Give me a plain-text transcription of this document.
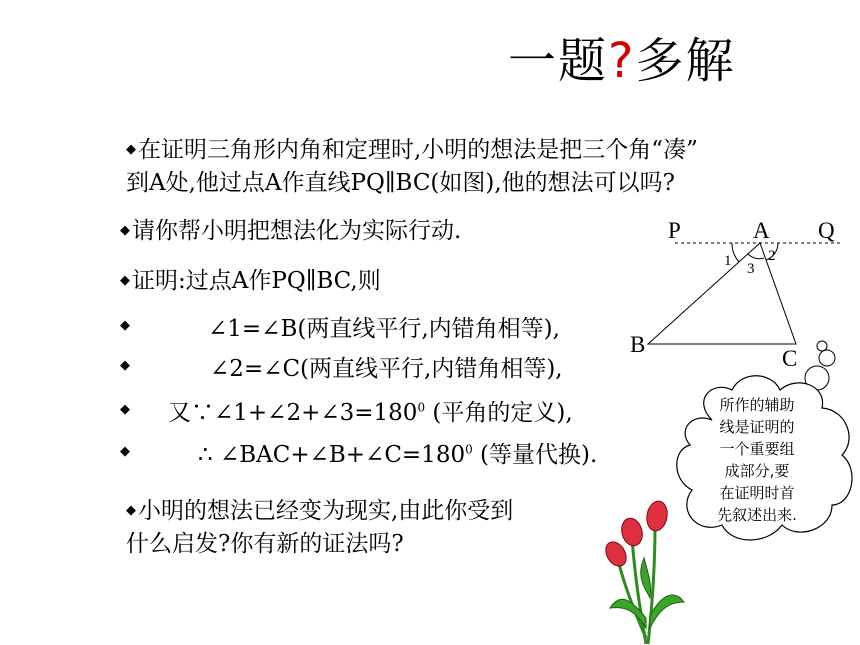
一题?多解
◆在证明三角形内角和定理时,小明的想法是把三个角“凑”
到A处,他过点A作直线PQ∥BC(如图),他的想法可以吗?
◆请你帮小明把想法化为实际行动.
◆证明:过点A作PQ∥BC,则
◆	∠1=∠B(两直线平行,内错角相等),
◆	∠2=∠C(两直线平行,内错角相等),
◆ 又$\because\angle 1+\angle 2+\angle 3=180^0$ (平角的定义),
◆	∴ $\angle BAC+\angle B+\angle C=180^0$ (等量代换).
◆小明的想法已经变为现实,由此你受到
什么启发?你有新的证法吗?
P	A Q
B
C
1 2
3
所作的辅助
线是证明的
一个重要组
成部分,要
在证明时首
先叙述出来.
